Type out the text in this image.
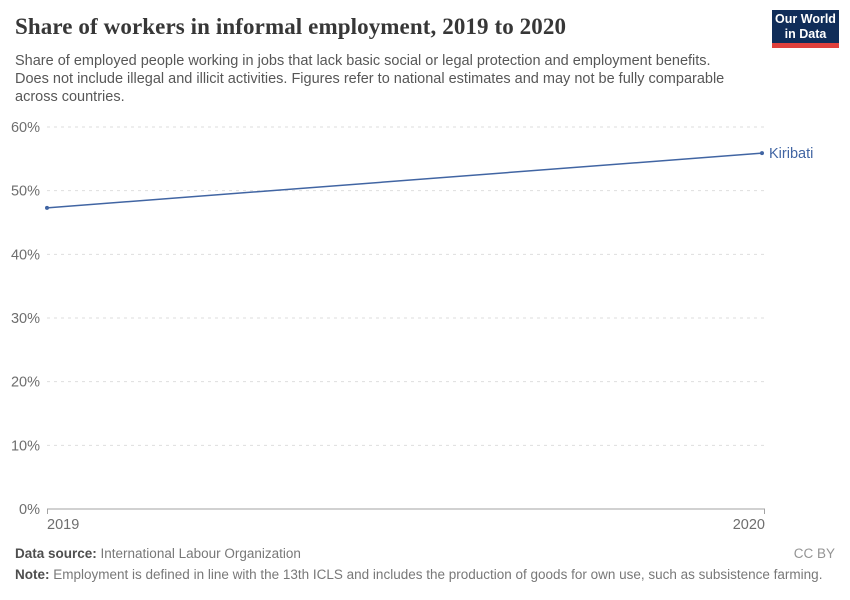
0%
10%
20%
30%
40%
50%
60%
2019	2020
Kiribati
Share of workers in informal employment, 2019 to 2020
Share of employed people working in jobs that lack basic social or legal protection and employment benefits.
Does not include illegal and illicit activities. Figures refer to national estimates and may not be fully comparable
across countries.
Our World
in Data
Data source: International Labour Organization	CC BY
Note: Employment is defined in line with the 13th ICLS and includes the production of goods for own use, such as subsistence farming.
